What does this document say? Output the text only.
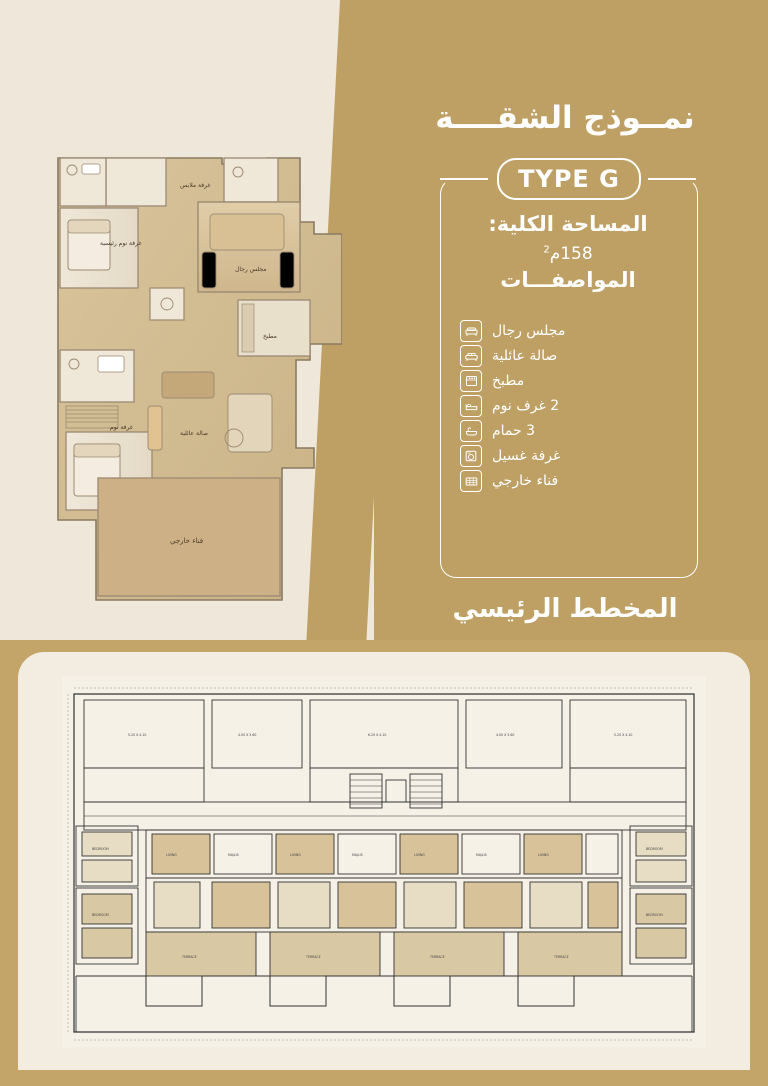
غرفة ملابس
غرفة نوم رئيسية
مجلس رجال
مطبخ
صالة عائلية
غرفة نوم
فناء خارجي
نمــوذج الشقــــة
TYPE G
المساحة الكلية:
158م$^2$
المواصفـــات
مجلس رجال
صالة عائلية
مطبخ
2 غرف نوم
3 حمام
غرفة غسيل
فناء خارجي
المخطط الرئيسي
5.20 X 4.10	4.00 X 3.60	6.20 X 4.10	4.00 X 3.60	5.20 X 4.10
BEDROOM
BEDROOM
BEDROOM
BEDROOM
LIVING	MAJLIS	LIVING	MAJLIS	LIVING	MAJLIS	LIVING
TERRACE	TERRACE	TERRACE	TERRACE
